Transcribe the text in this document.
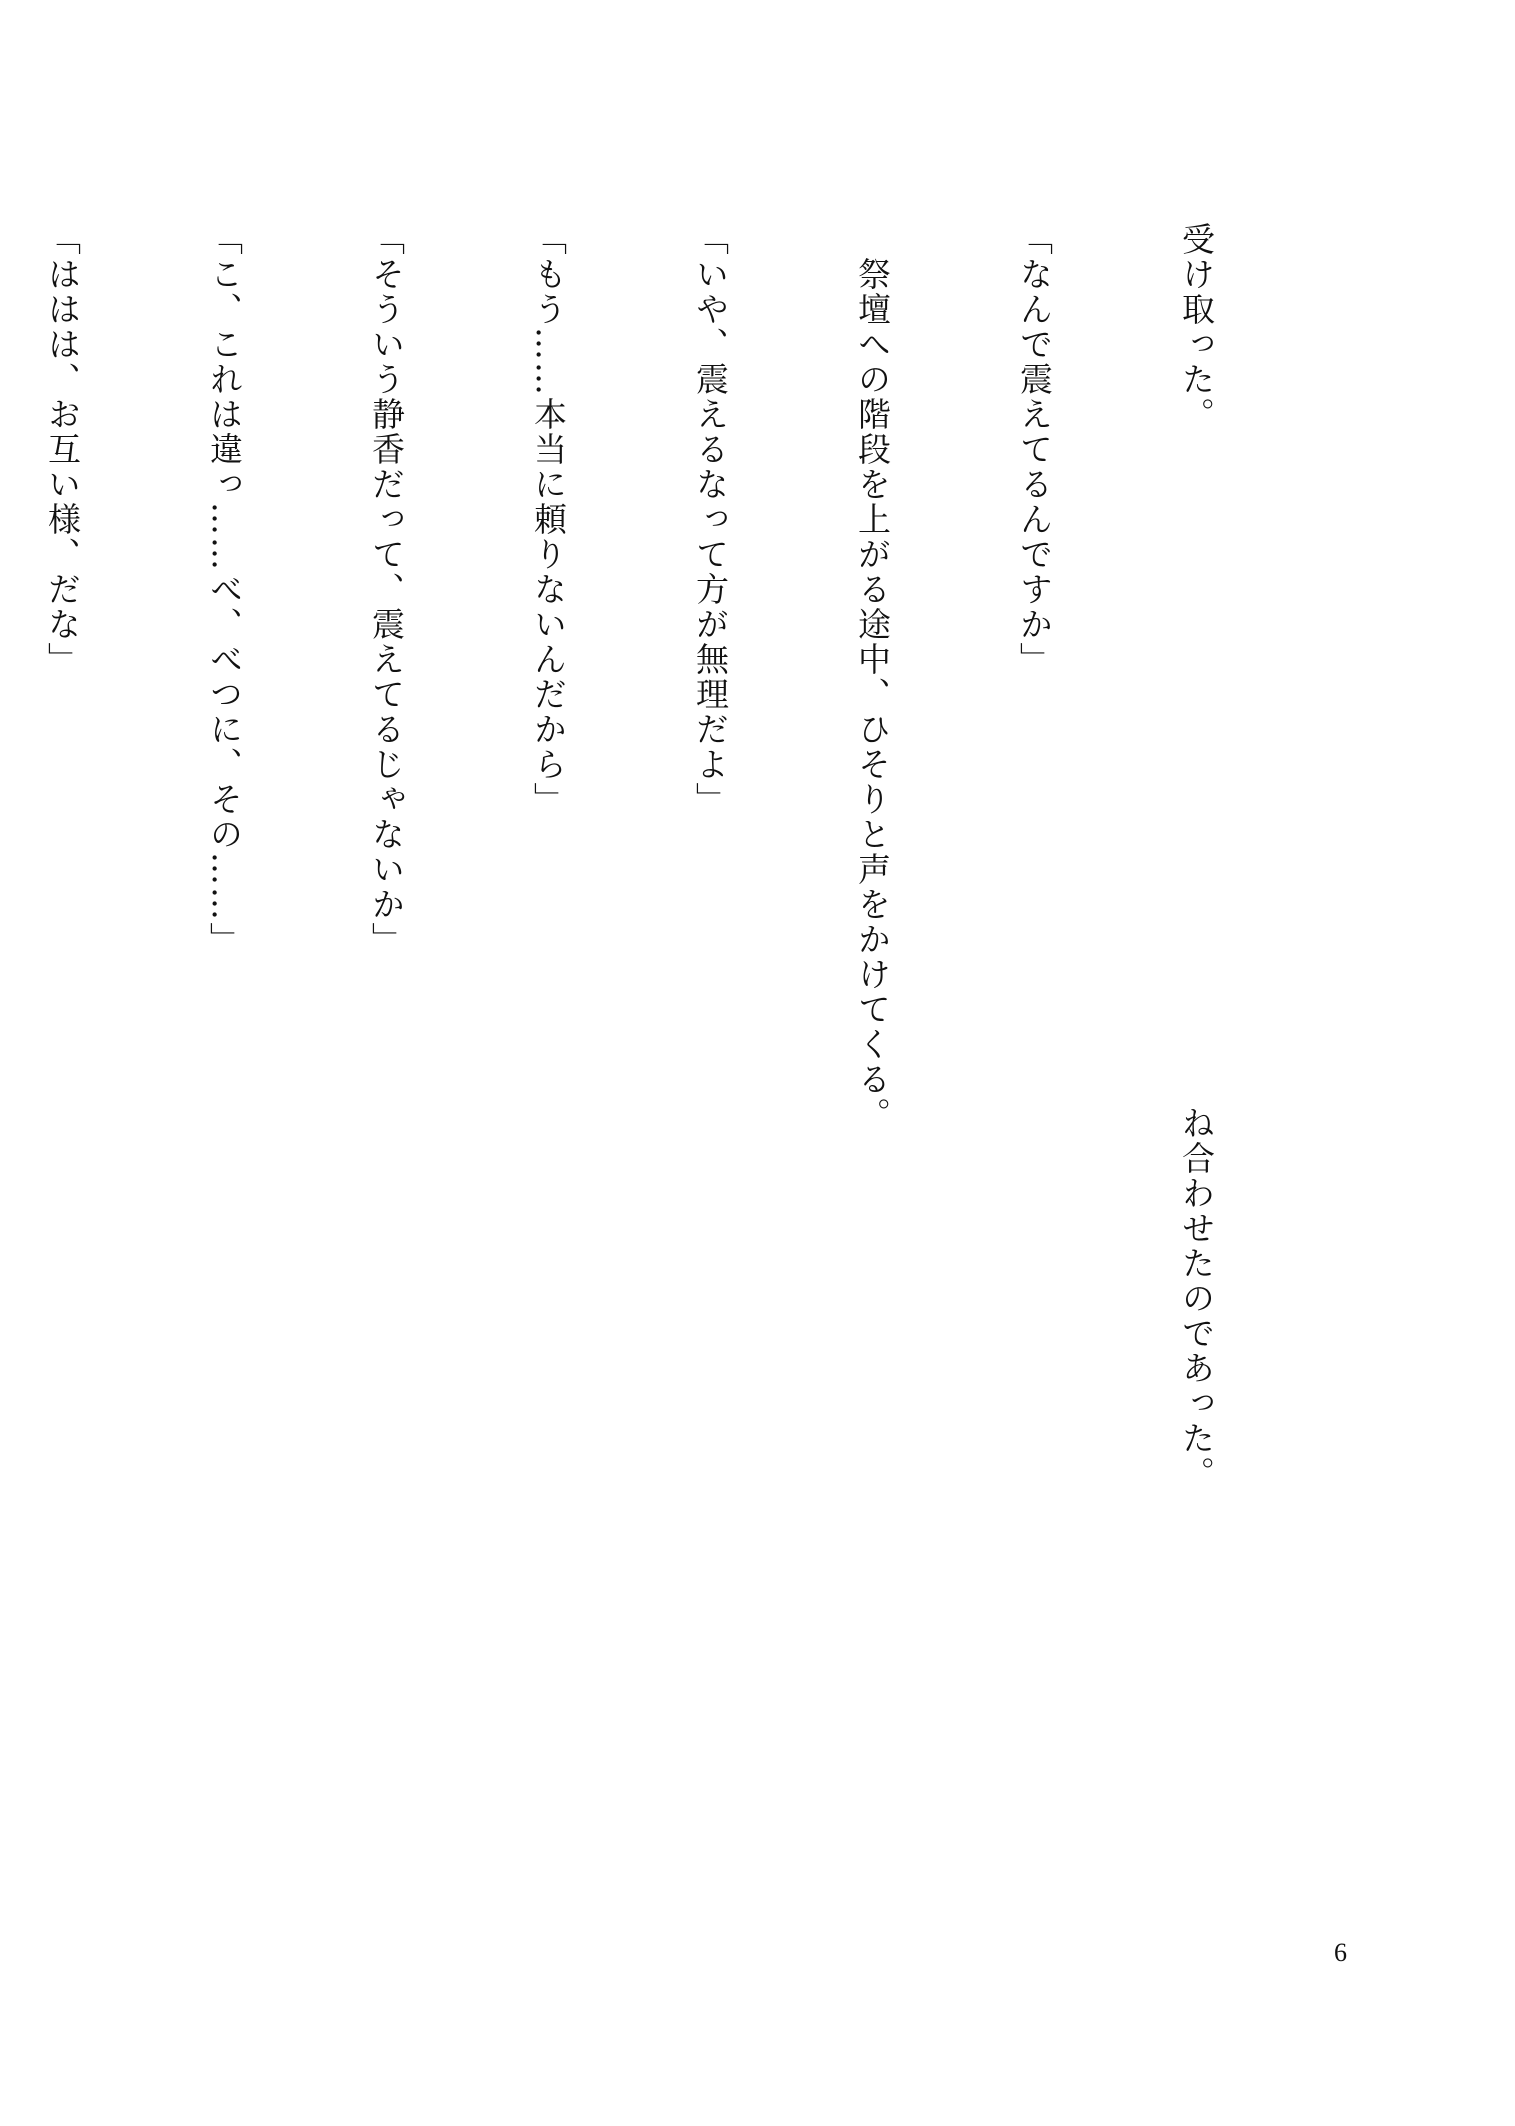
受け取った。

「なんで震えてるんですか」

　祭壇への階段を上がる途中、ひそりと声をかけてくる。

「いや、震えるなって方が無理だよ」

「もう……本当に頼りないんだから」

「そういう静香だって、震えてるじゃないか」

「こ、これは違っ……べ、べつに、その……」

「ははは、お互い様、だな」

ね合わせたのであった。

6
